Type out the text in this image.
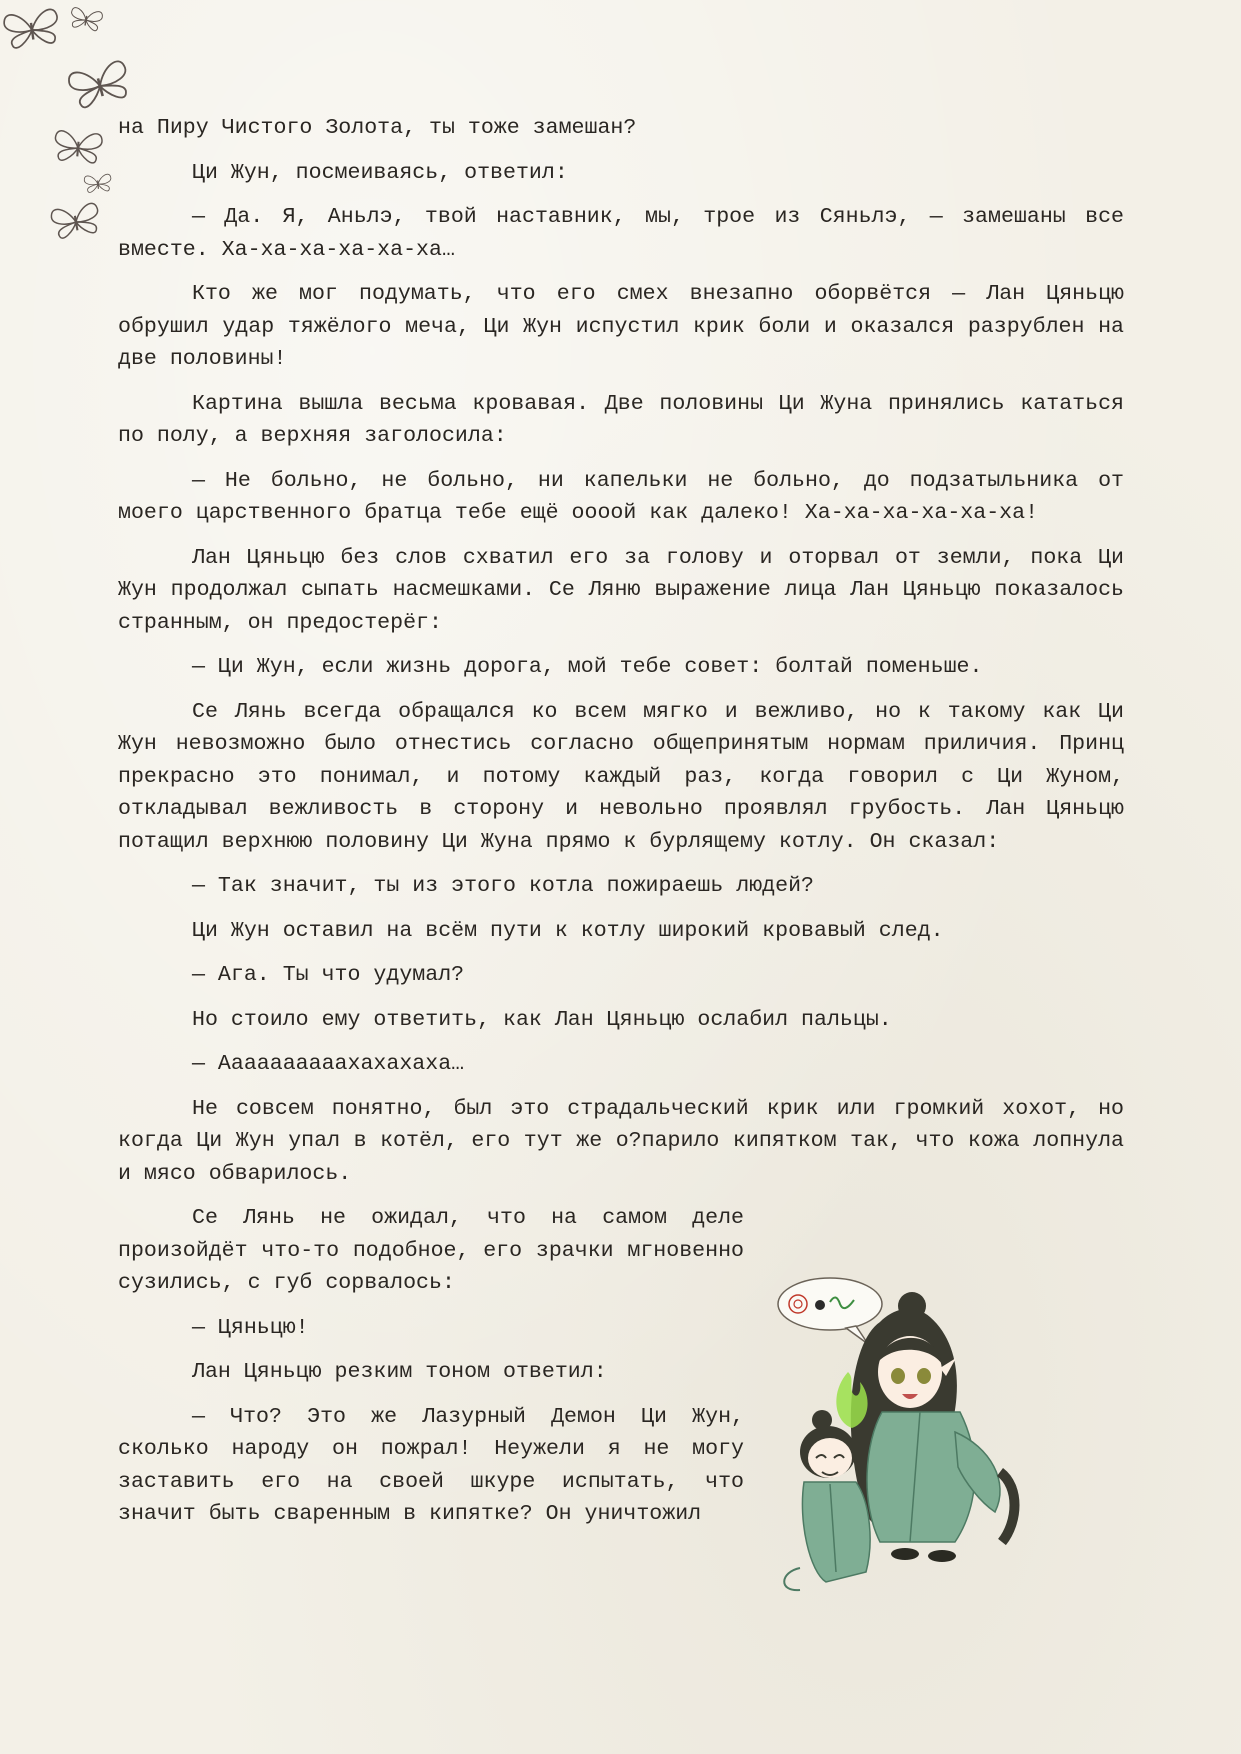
на Пиру Чистого Золота, ты тоже замешан?

Ци Жун, посмеиваясь, ответил:

— Да. Я, Аньлэ, твой наставник, мы, трое из Сяньлэ, — замешаны все вместе. Ха-ха-ха-ха-ха-ха…

Кто же мог подумать, что его смех внезапно оборвётся — Лан Цяньцю обрушил удар тяжёлого меча, Ци Жун испустил крик боли и оказался разрублен на две половины!

Картина вышла весьма кровавая. Две половины Ци Жуна принялись кататься по полу, а верхняя заголосила:

— Не больно, не больно, ни капельки не больно, до подзатыльника от моего царственного братца тебе ещё оооой как далеко! Ха-ха-ха-ха-ха-ха!

Лан Цяньцю без слов схватил его за голову и оторвал от земли, пока Ци Жун продолжал сыпать насмешками. Се Ляню выражение лица Лан Цяньцю показалось странным, он предостерёг:

— Ци Жун, если жизнь дорога, мой тебе совет: болтай поменьше.

Се Лянь всегда обращался ко всем мягко и вежливо, но к такому как Ци Жун невозможно было отнестись согласно общепринятым нормам приличия. Принц прекрасно это понимал, и потому каждый раз, когда говорил с Ци Жуном, откладывал вежливость в сторону и невольно проявлял грубость. Лан Цяньцю потащил верхнюю половину Ци Жуна прямо к бурлящему котлу. Он сказал:

— Так значит, ты из этого котла пожираешь людей?

Ци Жун оставил на всём пути к котлу широкий кровавый след.

— Ага. Ты что удумал?

Но стоило ему ответить, как Лан Цяньцю ослабил пальцы.

— Ааааааааааxахахаха…

Не совсем понятно, был это страдальческий крик или громкий хохот, но когда Ци Жун упал в котёл, его тут же о?парило кипятком так, что кожа лопнула и мясо обварилось.

Се Лянь не ожидал, что на самом деле произойдёт что-то подобное, его зрачки мгновенно сузились, с губ сорвалось:

— Цяньцю!

Лан Цяньцю резким тоном ответил:

— Что? Это же Лазурный Демон Ци Жун, сколько народу он пожрал! Неужели я не могу заставить его на своей шкуре испытать, что значит быть сваренным в кипятке? Он уничтожил
